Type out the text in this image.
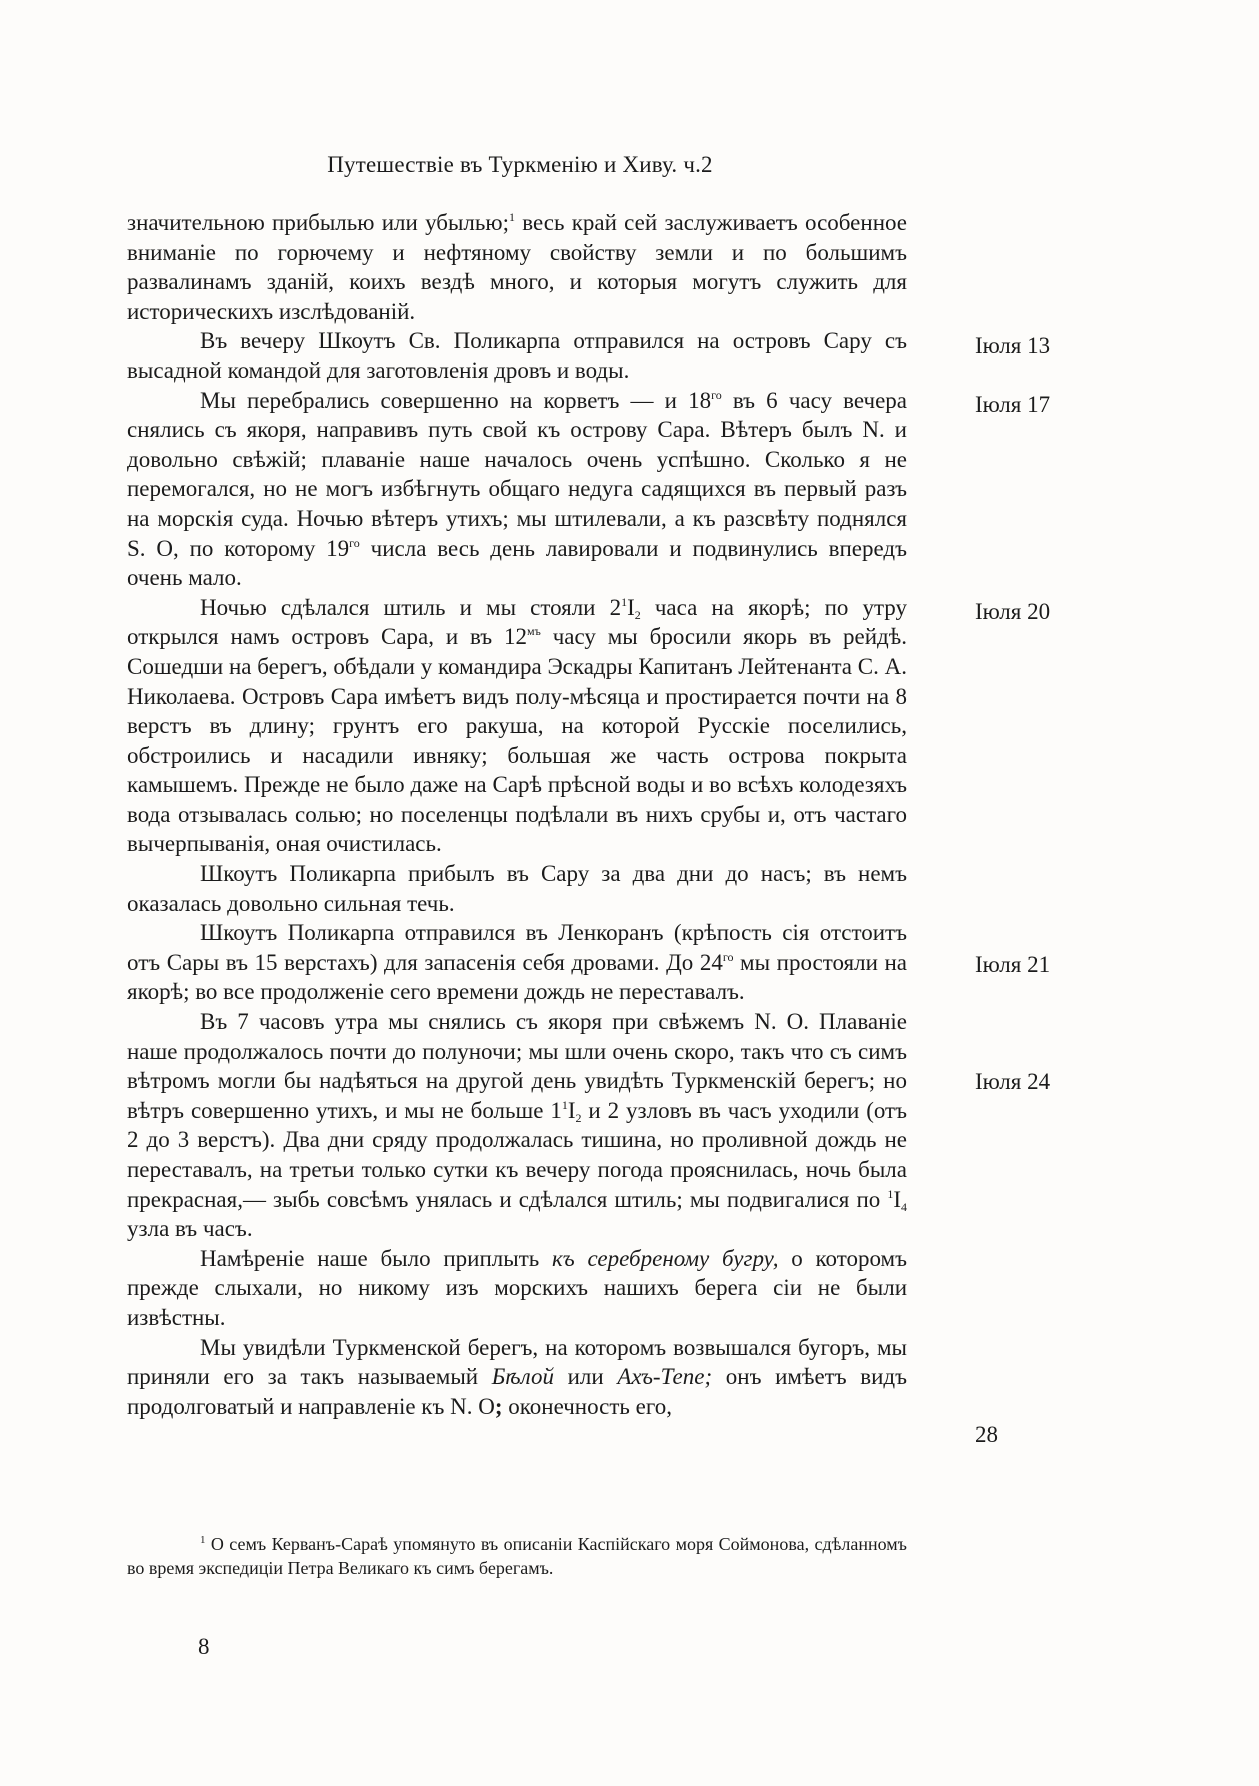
Путешествіе въ Туркменію и Хиву. ч.2

значительною прибылью или убылью;$^1$ весь край сей заслуживаетъ особенное вниманіе по горючему и нефтяному свойству земли и по большимъ развалинамъ зданій, коихъ вездѣ много, и которыя могутъ служить для историческихъ изслѣдованій.

Въ вечеру Шкоутъ Св. Поликарпа отправился на островъ Сару съ высадной командой для заготовленія дровъ и воды.

Мы перебрались совершенно на корветъ — и $18^{го}$ въ 6 часу вечера снялись съ якоря, направивъ путь свой къ острову Сара. Вѣтеръ былъ N. и довольно свѣжій; плаваніе наше началось очень успѣшно. Сколько я не перемогался, но не могъ избѣгнуть общаго недуга садящихся въ первый разъ на морскія суда. Ночью вѣтеръ утихъ; мы штилевали, а къ разсвѣту поднялся S. O, по которому $19^{го}$ числа весь день лавировали и подвинулись впередъ очень мало.

Ночью сдѣлался штиль и мы стояли $2^1I_2$ часа на якорѣ; по утру открылся намъ островъ Сара, и въ $12^{мъ}$ часу мы бросили якорь въ рейдѣ. Сошедши на берегъ, обѣдали у командира Эскадры Капитанъ Лейтенанта С. А. Николаева. Островъ Сара имѣетъ видъ полу-мѣсяца и простирается почти на 8 верстъ въ длину; грунтъ его ракуша, на которой Русскіе поселились, обстроились и насадили ивняку; большая же часть острова покрыта камышемъ. Прежде не было даже на Сарѣ прѣсной воды и во всѣхъ колодезяхъ вода отзывалась солью; но поселенцы подѣлали въ нихъ срубы и, отъ частаго вычерпыванія, оная очистилась.

Шкоутъ Поликарпа прибылъ въ Сару за два дни до насъ; въ немъ оказалась довольно сильная течь.

Шкоутъ Поликарпа отправился въ Ленкоранъ (крѣпость сія отстоитъ отъ Сары въ 15 верстахъ) для запасенія себя дровами. До $24^{го}$ мы простояли на якорѣ; во все продолженіе сего времени дождь не переставалъ.

Въ 7 часовъ утра мы снялись съ якоря при свѣжемъ N. O. Плаваніе наше продолжалось почти до полуночи; мы шли очень скоро, такъ что съ симъ вѣтромъ могли бы надѣяться на другой день увидѣть Туркменскій берегъ; но вѣтръ совершенно утихъ, и мы не больше $1^1I_2$ и 2 узловъ въ часъ уходили (отъ 2 до 3 верстъ). Два дни сряду продолжалась тишина, но проливной дождь не переставалъ, на третьи только сутки къ вечеру погода прояснилась, ночь была прекрасная,— зыбь совсѣмъ унялась и сдѣлался штиль; мы подвигалися по $^1I_4$ узла въ часъ.

Намѣреніе наше было приплыть къ серебреному бугру, о которомъ прежде слыхали, но никому изъ морскихъ нашихъ берега сіи не были извѣстны.

Мы увидѣли Туркменской берегъ, на которомъ возвышался бугоръ, мы приняли его за такъ называемый Бѣлой или Ахъ-Тепе; онъ имѣетъ видъ продолговатый и направленіе къ N. O; оконечность его,

Іюля 13
Іюля 17
Іюля 20
Іюля 21
Іюля 24
28
$^1$ О семъ Керванъ-Сараѣ упомянуто въ описаніи Каспійскаго моря Соймонова, сдѣланномъ во время экспедиціи Петра Великаго къ симъ берегамъ.
8
